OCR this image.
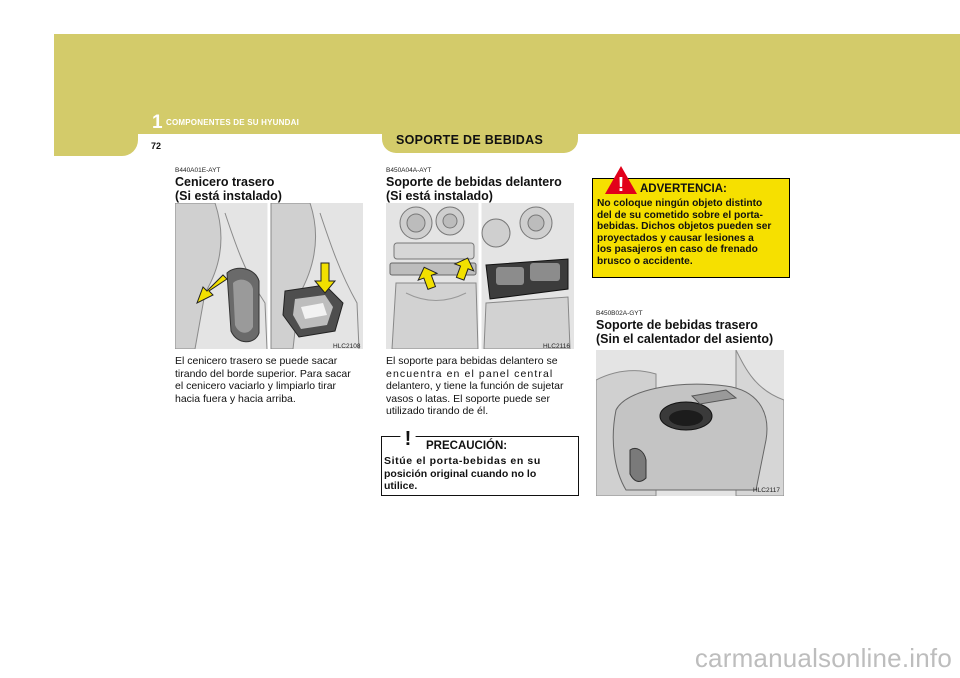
1 COMPONENTES DE SU HYUNDAI
72	SOPORTE DE BEBIDAS
B440A01E-AYT
Cenicero trasero
(Si está instalado)
HLC2108
El cenicero trasero se puede sacar
tirando del borde superior. Para sacar
el cenicero vaciarlo y limpiarlo tirar
hacia fuera y hacia arriba.
B450A04A-AYT
Soporte de bebidas delantero
(Si está instalado)
HLC2116
El soporte para bebidas delantero se
encuentra en el panel central
delantero, y tiene la función de sujetar
vasos o latas. El soporte puede ser
utilizado tirando de él.
! PRECAUCIÓN:
Sitúe el porta-bebidas en su
posición original cuando no lo
utilice.
! ADVERTENCIA:
No coloque ningún objeto distinto
del de su cometido sobre el porta-
bebidas. Dichos objetos pueden ser
proyectados y causar lesiones a
los pasajeros en caso de frenado
brusco o accidente.
B450B02A-GYT
Soporte de bebidas trasero
(Sin el calentador del asiento)
HLC2117
carmanualsonline.info
